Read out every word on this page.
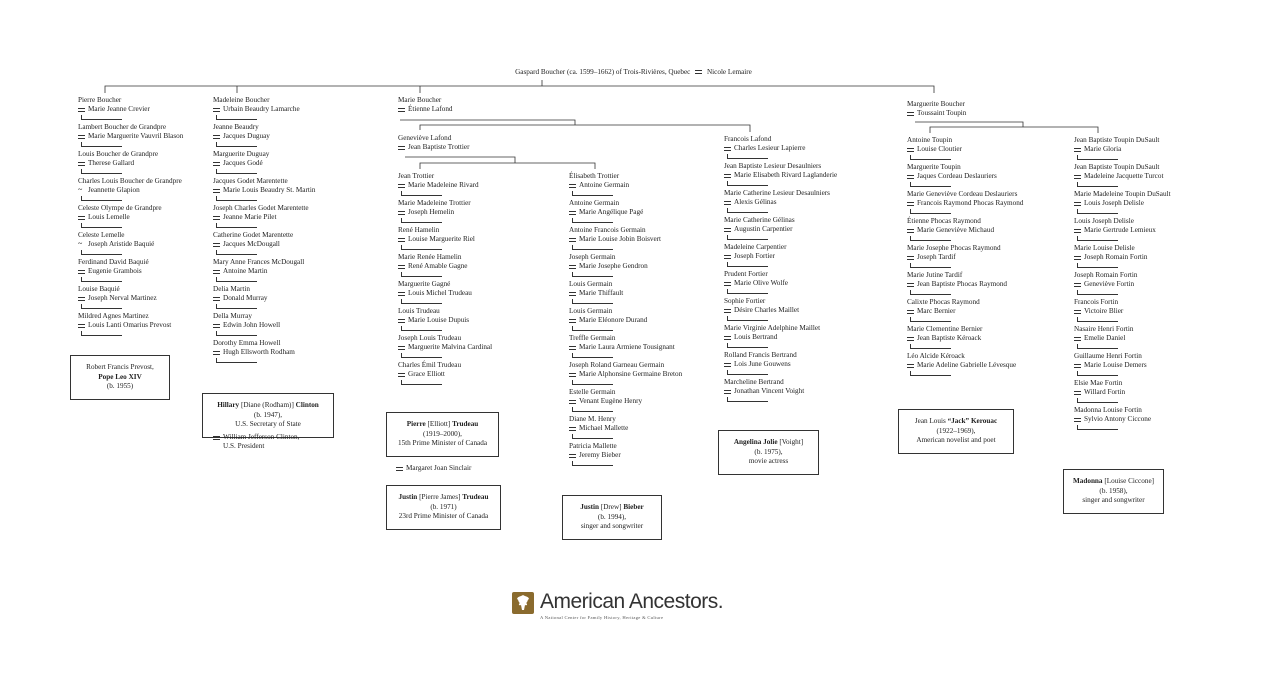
Gaspard Boucher (ca. 1599–1662) of Trois-Rivières, Quebec Nicole Lemaire
Pierre Boucher
Marie Jeanne Crevier
Lambert Boucher de Grandpre
Marie Marguerite Vauvril Blason
Louis Boucher de Grandpre
Therese Gallard
Charles Louis Boucher de Grandpre
~ Jeannette Glapion
Celeste Olympe de Grandpre
Louis Lemelle
Celeste Lemelle
~ Joseph Aristide Baquié
Ferdinand David Baquié
Eugenie Grambois
Louise Baquié
Joseph Nerval Martinez
Mildred Agnes Martinez
Louis Lanti Omarius Prevost
Robert Francis Prevost,
Pope Leo XIV
(b. 1955)
Madeleine Boucher
Urbain Beaudry Lamarche
Jeanne Beaudry
Jacques Duguay
Marguerite Duguay
Jacques Godé
Jacques Godet Marentette
Marie Louis Beaudry St. Martin
Joseph Charles Godet Marentette
Jeanne Marie Pilet
Catherine Godet Marentette
Jacques McDougall
Mary Anne Frances McDougall
Antoine Martin
Delia Martin
Donald Murray
Della Murray
Edwin John Howell
Dorothy Emma Howell
Hugh Ellsworth Rodham
Hillary [Diane (Rodham)] Clinton
(b. 1947),
U.S. Secretary of State
William Jefferson Clinton,
U.S. President
Marie Boucher
Étienne Lafond
Geneviève Lafond
Jean Baptiste Trottier
Jean Trottier
Marie Madeleine Rivard
Marie Madeleine Trottier
Joseph Hemelin
René Hamelin
Louise Marguerite Riel
Marie Renée Hamelin
René Amable Gagne
Marguerite Gagné
Louis Michel Trudeau
Louis Trudeau
Marie Louise Dupuis
Joseph Louis Trudeau
Marguerite Malvina Cardinal
Charles Émil Trudeau
Grace Elliott
Pierre [Elliott] Trudeau
(1919–2000),
15th Prime Minister of Canada
Margaret Joan Sinclair
Justin [Pierre James] Trudeau
(b. 1971)
23rd Prime Minister of Canada
Élisabeth Trottier
Antoine Germain
Antoine Germain
Marie Angélique Pagé
Antoine Francois Germain
Marie Louise Jobin Boisvert
Joseph Germain
Marie Josephe Gendron
Louis Germain
Marie Thiffault
Louis Germain
Marie Eléonore Durand
Treffle Germain
Marie Laura Armiene Tousignant
Joseph Roland Garneau Germain
Marie Alphonsine Germaine Breton
Estelle Germain
Venant Eugène Henry
Diane M. Henry
Michael Mallette
Patricia Mallette
Jeremy Bieber
Justin [Drew] Bieber
(b. 1994),
singer and songwriter
Francois Lafond
Charles Lesieur Lapierre
Jean Baptiste Lesieur Desaulniers
Marie Elisabeth Rivard Laglanderie
Marie Catherine Lesieur Desaulniers
Alexis Gélinas
Marie Catherine Gélinas
Augustin Carpentier
Madeleine Carpentier
Joseph Fortier
Prudent Fortier
Marie Olive Wolfe
Sophie Fortier
Désire Charles Maillet
Marie Virginie Adelphine Maillet
Louis Bertrand
Rolland Francis Bertrand
Lois June Gouwens
Marcheline Bertrand
Jonathan Vincent Voight
Angelina Jolie [Voight]
(b. 1975),
movie actress
Marguerite Boucher
Toussaint Toupin
Antoine Toupin
Louise Cloutier
Marguerite Toupin
Jaques Cordeau Deslauriers
Marie Geneviève Cordeau Deslauriers
Francois Raymond Phocas Raymond
Étienne Phocas Raymond
Marie Geneviève Michaud
Marie Josephe Phocas Raymond
Joseph Tardif
Marie Jutine Tardif
Jean Baptiste Phocas Raymond
Calixte Phocas Raymond
Marc Bernier
Marie Clementine Bernier
Jean Baptiste Kéroack
Léo Alcide Kéroack
Marie Adeline Gabrielle Lévesque
Jean Louis “Jack” Kerouac
(1922–1969),
American novelist and poet
Jean Baptiste Toupin DuSault
Marie Gloria
Jean Baptiste Toupin DuSault
Madeleine Jacquette Turcot
Marie Madeleine Toupin DuSault
Louis Joseph Delisle
Louis Joseph Delisle
Marie Gertrude Lemieux
Marie Louise Delisle
Joseph Romain Fortin
Joseph Romain Fortin
Geneviève Fortin
Francois Fortin
Victoire Blier
Nasaire Henri Fortin
Emelie Daniel
Guillaume Henri Fortin
Marie Louise Demers
Elsie Mae Fortin
Willard Fortin
Madonna Louise Fortin
Sylvio Antony Ciccone
Madonna [Louise Ciccone]
(b. 1958),
singer and songwriter
American Ancestors.
A National Center for Family History, Heritage & Culture
